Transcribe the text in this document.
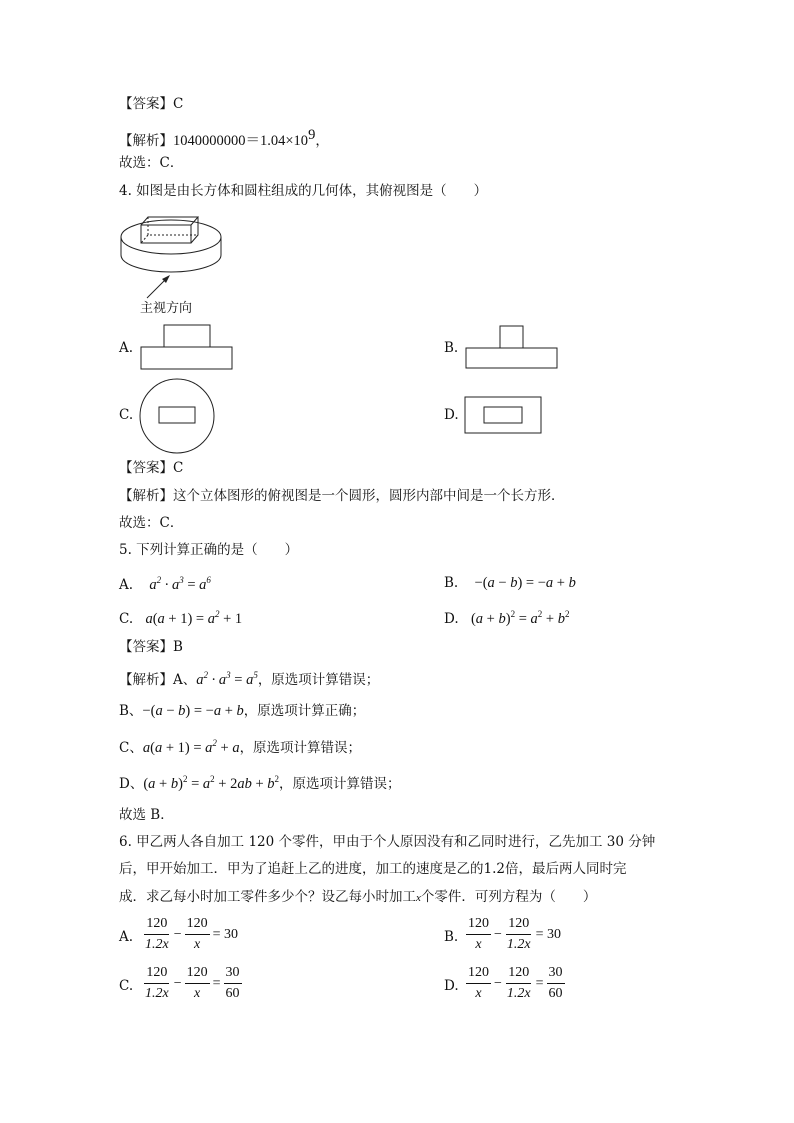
【答案】C
【解析】$1040000000=1.04\times 10^9$，
故选：C．
4. 如图是由长方体和圆柱组成的几何体，其俯视图是（　　）
主视方向
A.	B.
C.	D.
【答案】C
【解析】这个立体图形的俯视图是一个圆形，圆形内部中间是一个长方形．
故选：C．
5. 下列计算正确的是（　　）
A. $a^2 \cdot a^3 = a^6$	B. −(a − b) = −a + b
C. $a(a + 1) = a^2 + 1$	D. $(a + b)^2 = a^2 + b^2$
【答案】B
【解析】A、$a^2 \cdot a^3 = a^5$，原选项计算错误；
B、−(a − b) = −a + b，原选项计算正确；
C、$a(a + 1) = a^2 + a$，原选项计算错误；
D、$(a + b)^2 = a^2 + 2ab + b^2$，原选项计算错误；
故选 B．
6. 甲乙两人各自加工 120 个零件，甲由于个人原因没有和乙同时进行，乙先加工 30 分钟
后，甲开始加工．甲为了追赶上乙的进度，加工的速度是乙的1.2倍，最后两人同时完
成．求乙每小时加工零件多少个？设乙每小时加工x个零件．可列方程为（　　）
A. $\frac{120}{1.2x} - \frac{120}{x} = 30$	B. $\frac{120}{x} - \frac{120}{1.2x} = 30$
C. $\frac{120}{1.2x} - \frac{120}{x} = \frac{30}{60}$	D. $\frac{120}{x} - \frac{120}{1.2x} = \frac{30}{60}$
